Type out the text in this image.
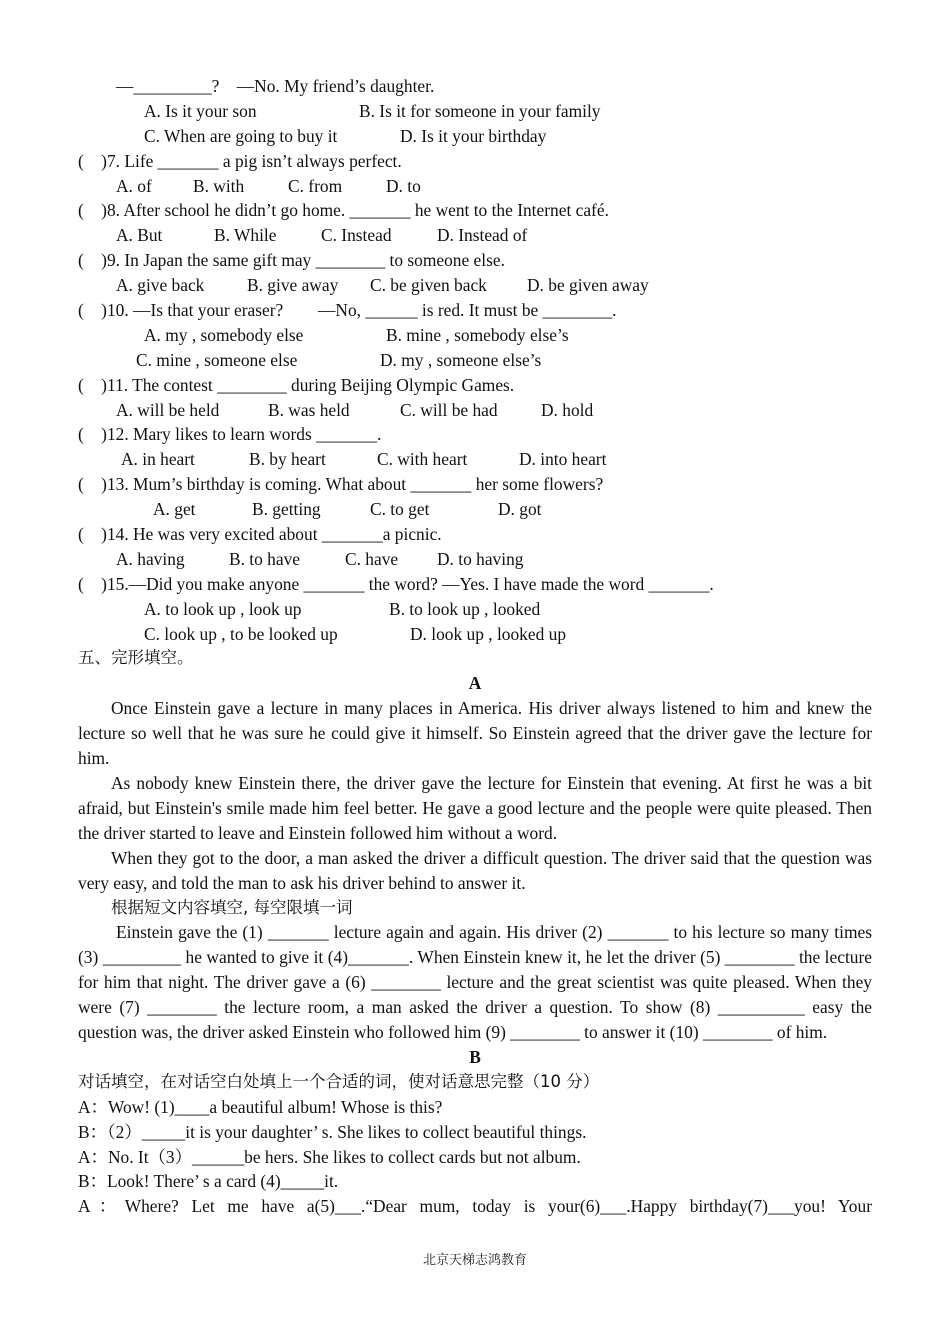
—_________?　—No. My friend’s daughter.
A. Is it your son	B. Is it for someone in your family
C. When are going to buy it	D. Is it your birthday
(　)7. Life _______ a pig isn’t always perfect.
A. of B. with	C. from	D. to
(　)8. After school he didn’t go home. _______ he went to the Internet café.
A. But	B. While	C. Instead	D. Instead of
(　)9. In Japan the same gift may ________ to someone else.
A. give back B. give away C. be given back D. be given away
(　)10. —Is that your eraser?　　—No, ______ is red. It must be ________.
A. my , somebody else	B. mine , somebody else’s
C. mine , someone else	D. my , someone else’s
(　)11. The contest ________ during Beijing Olympic Games.
A. will be held	B. was held	C. will be had D. hold
(　)12. Mary likes to learn words _______.
A. in heart	B. by heart	C. with heart	D. into heart
(　)13. Mum’s birthday is coming. What about _______ her some flowers?
A. get	B. getting	C. to get	D. got
(　)14. He was very excited about _______a picnic.
A. having	B. to have	C. have D. to having
(　)15.—Did you make anyone _______ the word? —Yes. I have made the word _______.
A. to look up , look up	B. to look up , looked
C. look up , to be looked up	D. look up , looked up
五、完形填空。
A

Once Einstein gave a lecture in many places in America. His driver always listened to him and knew the lecture so well that he was sure he could give it himself. So Einstein agreed that the driver gave the lecture for him.

As nobody knew Einstein there, the driver gave the lecture for Einstein that evening. At first he was a bit afraid, but Einstein's smile made him feel better. He gave a good lecture and the people were quite pleased. Then the driver started to leave and Einstein followed him without a word.

When they got to the door, a man asked the driver a difficult question. The driver said that the question was very easy, and told the man to ask his driver behind to answer it.

根据短文内容填空, 每空限填一词

Einstein gave the (1) _______ lecture again and again. His driver (2) _______ to his lecture so many times (3) _________ he wanted to give it (4)_______. When Einstein knew it, he let the driver (5) ________ the lecture for him that night. The driver gave a (6) ________ lecture and the great scientist was quite pleased. When they were (7) ________ the lecture room, a man asked the driver a question. To show (8) __________ easy the question was, the driver asked Einstein who followed him (9) ________ to answer it (10) ________ of him.

B
对话填空，在对话空白处填上一个合适的词，使对话意思完整（10 分）
A：Wow! (1)____a beautiful album! Whose is this?
B：（2）_____it is your daughter’ s. She likes to collect beautiful things.
A：No. It（3）______be hers. She likes to collect cards but not album.
B：Look! There’ s a card (4)_____it.

A：Where? Let me have a(5)___.“Dear mum, today is your(6)___.Happy birthday(7)___you! Your

北京天梯志鸿教育
